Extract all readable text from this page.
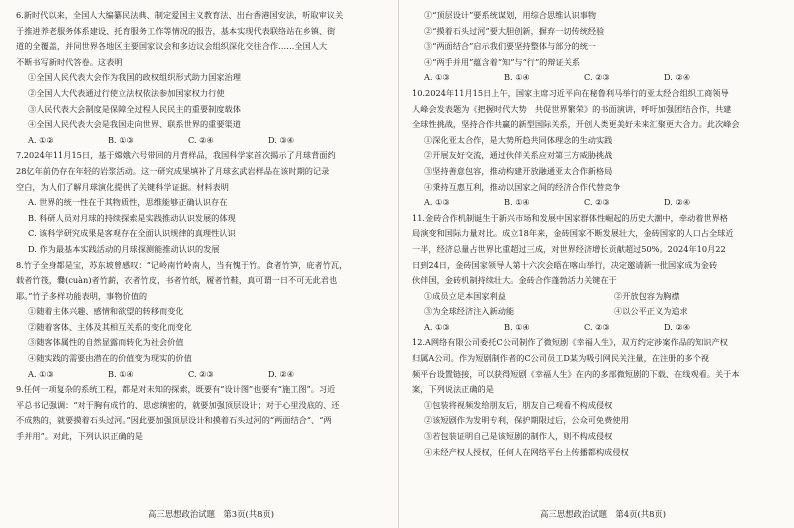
6.新时代以来，全国人大编纂民法典、制定爱国主义教育法、出台香港国安法，听取审议关

于推进养老服务体系建设、托育服务工作等情况的报告，基本实现代表联络站在乡镇、街

道的全覆盖，并同世界各地区主要国家议会和多边议会组织深化交往合作……全国人大

不断书写新时代答卷。这表明

①全国人民代表大会作为我国的政权组织形式助力国家治理

②全国人大代表通过行使立法权依法参加国家权力行使

③人民代表大会制度是保障全过程人民民主的重要制度载体

④全国人民代表大会是我国走向世界、联系世界的重要渠道

A. ①②	B. ①③	C. ②④	D. ③④

7.2024年11月15日，基于嫦娥六号带回的月背样品，我国科学家首次揭示了月球背面约

28亿年前仍存在年轻的岩浆活动。这一研究成果填补了月球玄武岩样品在该时期的记录

空白，为人们了解月球演化提供了关键科学证据。材料表明

A. 世界的统一性在于其物质性，思维能够正确认识存在

B. 科研人员对月球的持续探索是实践推动认识发展的体现

C. 该科学研究成果是客观存在全面认识规律的真理性认识

D. 作为最基本实践活动的月球探测能推动认识的发展

8.竹子全身都是宝，苏东坡曾感叹：“记岭南竹岭南人，当有愧于竹。食者竹笋，庇者竹瓦，

载者竹筏，爨(cuàn)者竹薪，衣者竹皮，书者竹纸，履者竹鞋，真可谓一日不可无此君也

耶。”竹子多样功能表明，事物价值的

①随着主体兴趣、感情和欲望的转移而变化

②随着客体、主体及其相互关系的变化而变化

③随客体属性的自然显露而转化为社会价值

④随实践的需要由潜在的价值变为现实的价值

A. ①③	B. ①④	C. ②③	D. ②④

9.任何一项复杂的系统工程，都是对未知的探索，既要有“设计图”也要有“施工图”。习近

平总书记强调：“对于胸有成竹的、思虑缜密的，就要加强顶层设计；对于心里没底的、还

不成熟的，就要摸着石头过河。”因此要加强顶层设计和摸着石头过河的“两面结合”、“两

手并用”。对此，下列认识正确的是

高三思想政治试题　第3页(共8页)

①“顶层设计”要系统谋划，用综合思维认识事物

②“摸着石头过河”要大胆创新，摒弃一切传统经验

③“两面结合”启示我们要坚持整体与部分的统一

④“两手并用”蕴含着“知”与“行”的辩证关系

A. ①③	B. ①④	C. ②③	D. ②④

10.2024年11月15日上午，国家主席习近平向在秘鲁利马举行的亚太经合组织工商领导

人峰会发表题为《把握时代大势　共促世界繁荣》的书面演讲，呼吁加强团结合作，共建

全球性挑战，坚持合作共赢的新型国际关系，开创人类更美好未来汇聚更大合力。此次峰会

①深化亚太合作，是大势所趋共同体理念的生动实践

②开展友好交流，通过伙伴关系应对第三方威胁挑战

③坚持善意包容，推动构建开放融通亚太合作新格局

④秉持互惠互利，推动以国家之间的经济合作代替竞争

A. ①③	B. ①④	C. ②③	D. ②④

11.金砖合作机制诞生于新兴市场和发展中国家群体性崛起的历史大潮中，牵动着世界格

局演变和国际力量对比。成立18年来，金砖国家不断发展壮大，金砖国家的人口占全球近

一半，经济总量占世界比重超过三成，对世界经济增长贡献超过50%。2024年10月22

日到24日，金砖国家领导人第十六次会晤在喀山举行，决定邀请新一批国家成为金砖

伙伴国，金砖机制持续壮大。金砖合作蓬勃活力关键在于

①成员立足本国家利益	②开放包容为胸襟
③为全球经济注入新动能	④以公平正义为追求
A. ①③	B. ①④	C. ②③	D. ②④

12.A网络有限公司委托C公司制作了微短剧《幸福人生》，双方约定涉案作品的知识产权

归属A公司。作为短剧制作者的C公司员工D某为吸引网民关注量，在注册的多个视

频平台设置链接，可以获得短剧《幸福人生》在内的多部微短剧的下载、在线观看。关于本

案，下列说法正确的是

①包装将视频发给朋友后，朋友自己观看不构成侵权

②该短剧作为发明专利，保护期限过后，公众可免费使用

③若包装证明自己是该短剧的制作人，则不构成侵权

④未经产权人授权，任何人在网络平台上传播都构成侵权

高三思想政治试题　第4页(共8页)
